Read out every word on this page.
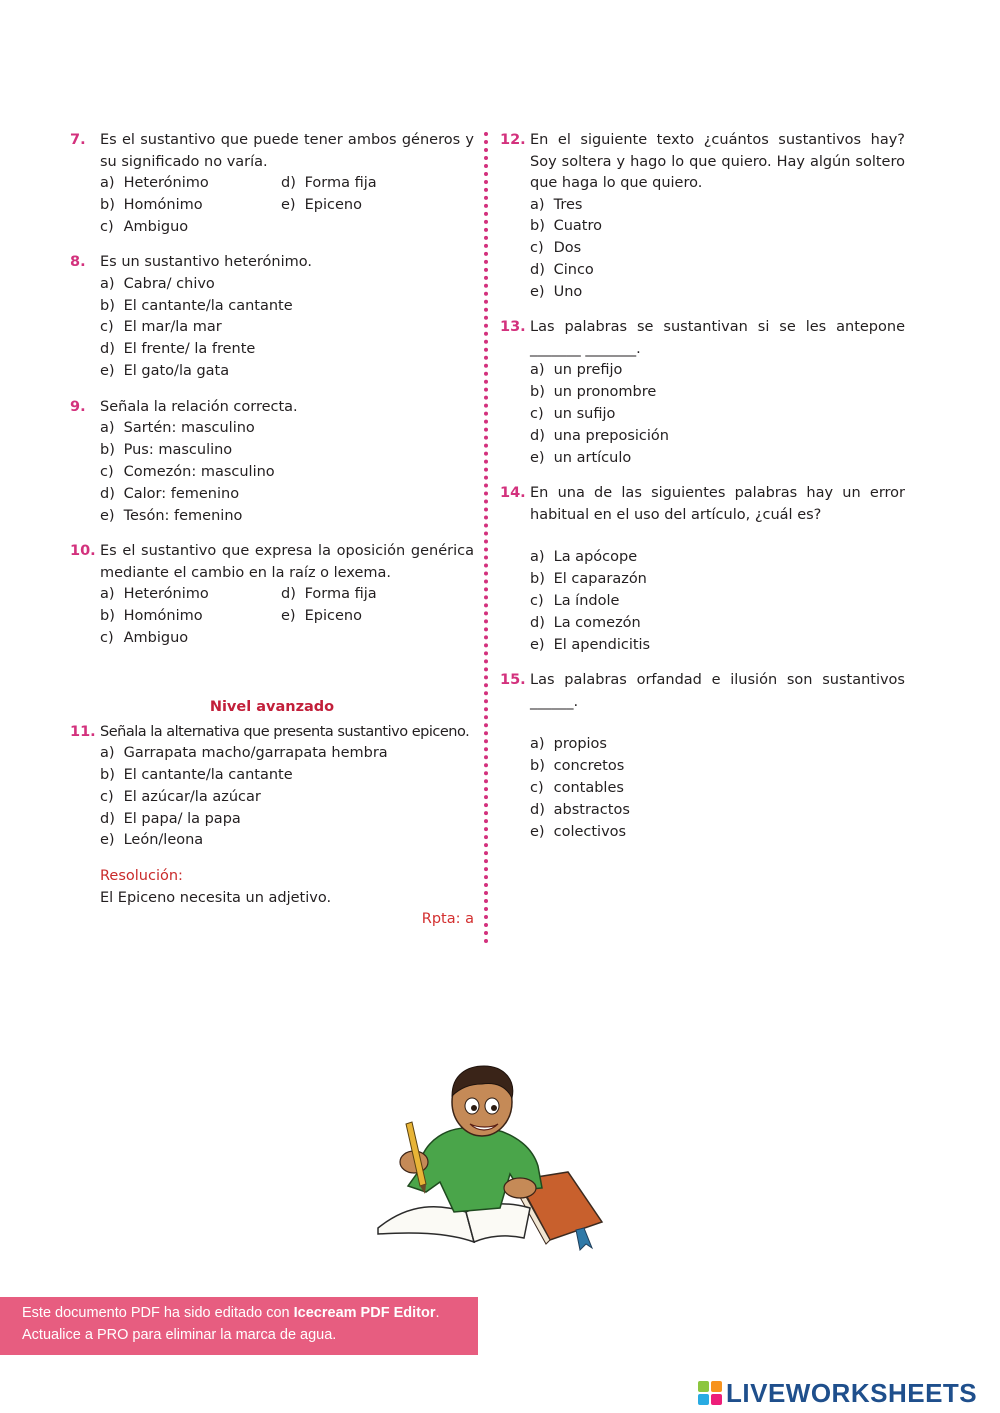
7. Es el sustantivo que puede tener ambos géneros y su significado no varía.
a) Heterónimo	d) Forma fija
b) Homónimo	e) Epiceno
c) Ambiguo
8. Es un sustantivo heterónimo.
a) Cabra/ chivo
b) El cantante/la cantante
c) El mar/la mar
d) El frente/ la frente
e) El gato/la gata
9. Señala la relación correcta.
a) Sartén: masculino
b) Pus: masculino
c) Comezón: masculino
d) Calor: femenino
e) Tesón: femenino
10. Es el sustantivo que expresa la oposición genérica mediante el cambio en la raíz o lexema.
a) Heterónimo	d) Forma fija
b) Homónimo	e) Epiceno
c) Ambiguo
Nivel avanzado
11. Señala la alternativa que presenta sustantivo epiceno.
a) Garrapata macho/garrapata hembra
b) El cantante/la cantante
c) El azúcar/la azúcar
d) El papa/ la papa
e) León/leona
Resolución:
El Epiceno necesita un adjetivo.
Rpta: a
12. En el siguiente texto ¿cuántos sustantivos hay? Soy soltera y hago lo que quiero. Hay algún soltero que haga lo que quiero.
a) Tres
b) Cuatro
c) Dos
d) Cinco
e) Uno
13. Las palabras se sustantivan si se les antepone _______ _______.
a) un prefijo
b) un pronombre
c) un sufijo
d) una preposición
e) un artículo
14. En una de las siguientes palabras hay un error habitual en el uso del artículo, ¿cuál es?
a) La apócope
b) El caparazón
c) La índole
d) La comezón
e) El apendicitis
15. Las palabras orfandad e ilusión son sustantivos ______.
a) propios
b) concretos
c) contables
d) abstractos
e) colectivos
Este documento PDF ha sido editado con Icecream PDF Editor.
Actualice a PRO para eliminar la marca de agua.
LIVEWORKSHEETS
